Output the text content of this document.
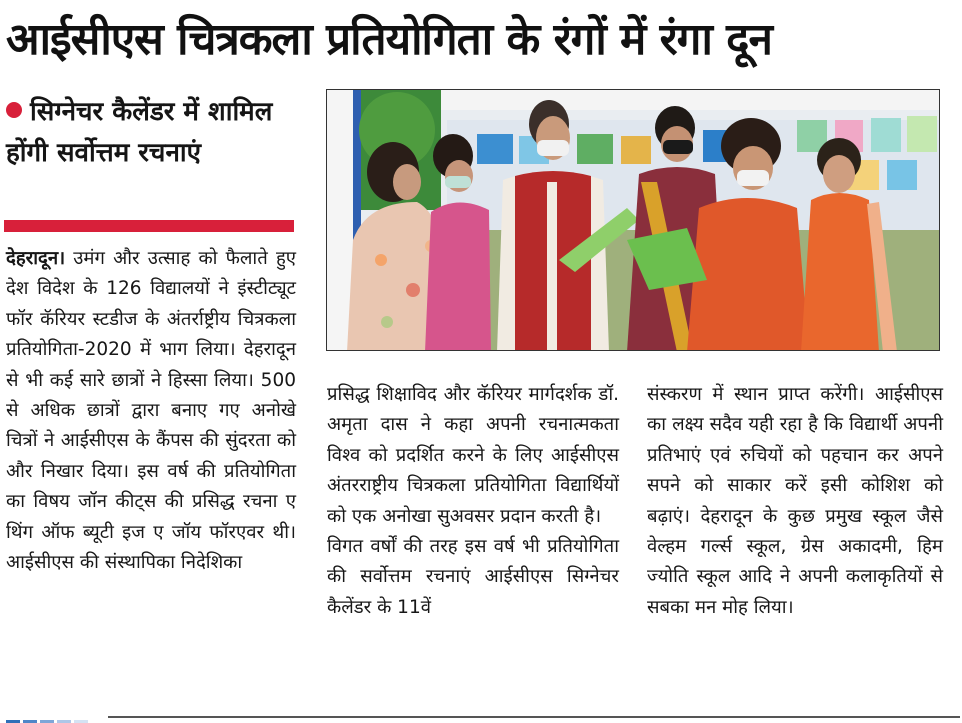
आईसीएस चित्रकला प्रतियोगिता के रंगों में रंगा दून
सिग्नेचर कैलेंडर में शामिल होंगी सर्वोत्तम रचनाएं

देहरादून। उमंग और उत्साह को फैलाते हुए देश विदेश के 126 विद्यालयों ने इंस्टीट्यूट फॉर कॅरियर स्टडीज के अंतर्राष्ट्रीय चित्रकला प्रतियोगिता-2020 में भाग लिया। देहरादून से भी कई सारे छात्रों ने हिस्सा लिया। 500 से अधिक छात्रों द्वारा बनाए गए अनोखे चित्रों ने आईसीएस के कैंपस की सुंदरता को और निखार दिया। इस वर्ष की प्रतियोगिता का विषय जॉन कीट्स की प्रसिद्ध रचना ए थिंग ऑफ ब्यूटी इज ए जॉय फॉरएवर थी। आईसीएस की संस्थापिका निदेशिका

प्रसिद्ध शिक्षाविद और कॅरियर मार्गदर्शक डॉ. अमृता दास ने कहा अपनी रचनात्मकता विश्व को प्रदर्शित करने के लिए आईसीएस अंतरराष्ट्रीय चित्रकला प्रतियोगिता विद्यार्थियों को एक अनोखा सुअवसर प्रदान करती है।

विगत वर्षों की तरह इस वर्ष भी प्रतियोगिता की सर्वोत्तम रचनाएं आईसीएस सिग्नेचर कैलेंडर के 11वें

संस्करण में स्थान प्राप्त करेंगी। आईसीएस का लक्ष्य सदैव यही रहा है कि विद्यार्थी अपनी प्रतिभाएं एवं रुचियों को पहचान कर अपने सपने को साकार करें इसी कोशिश को बढ़ाएं। देहरादून के कुछ प्रमुख स्कूल जैसे वेल्हम गर्ल्स स्कूल, ग्रेस अकादमी, हिम ज्योति स्कूल आदि ने अपनी कलाकृतियों से सबका मन मोह लिया।
